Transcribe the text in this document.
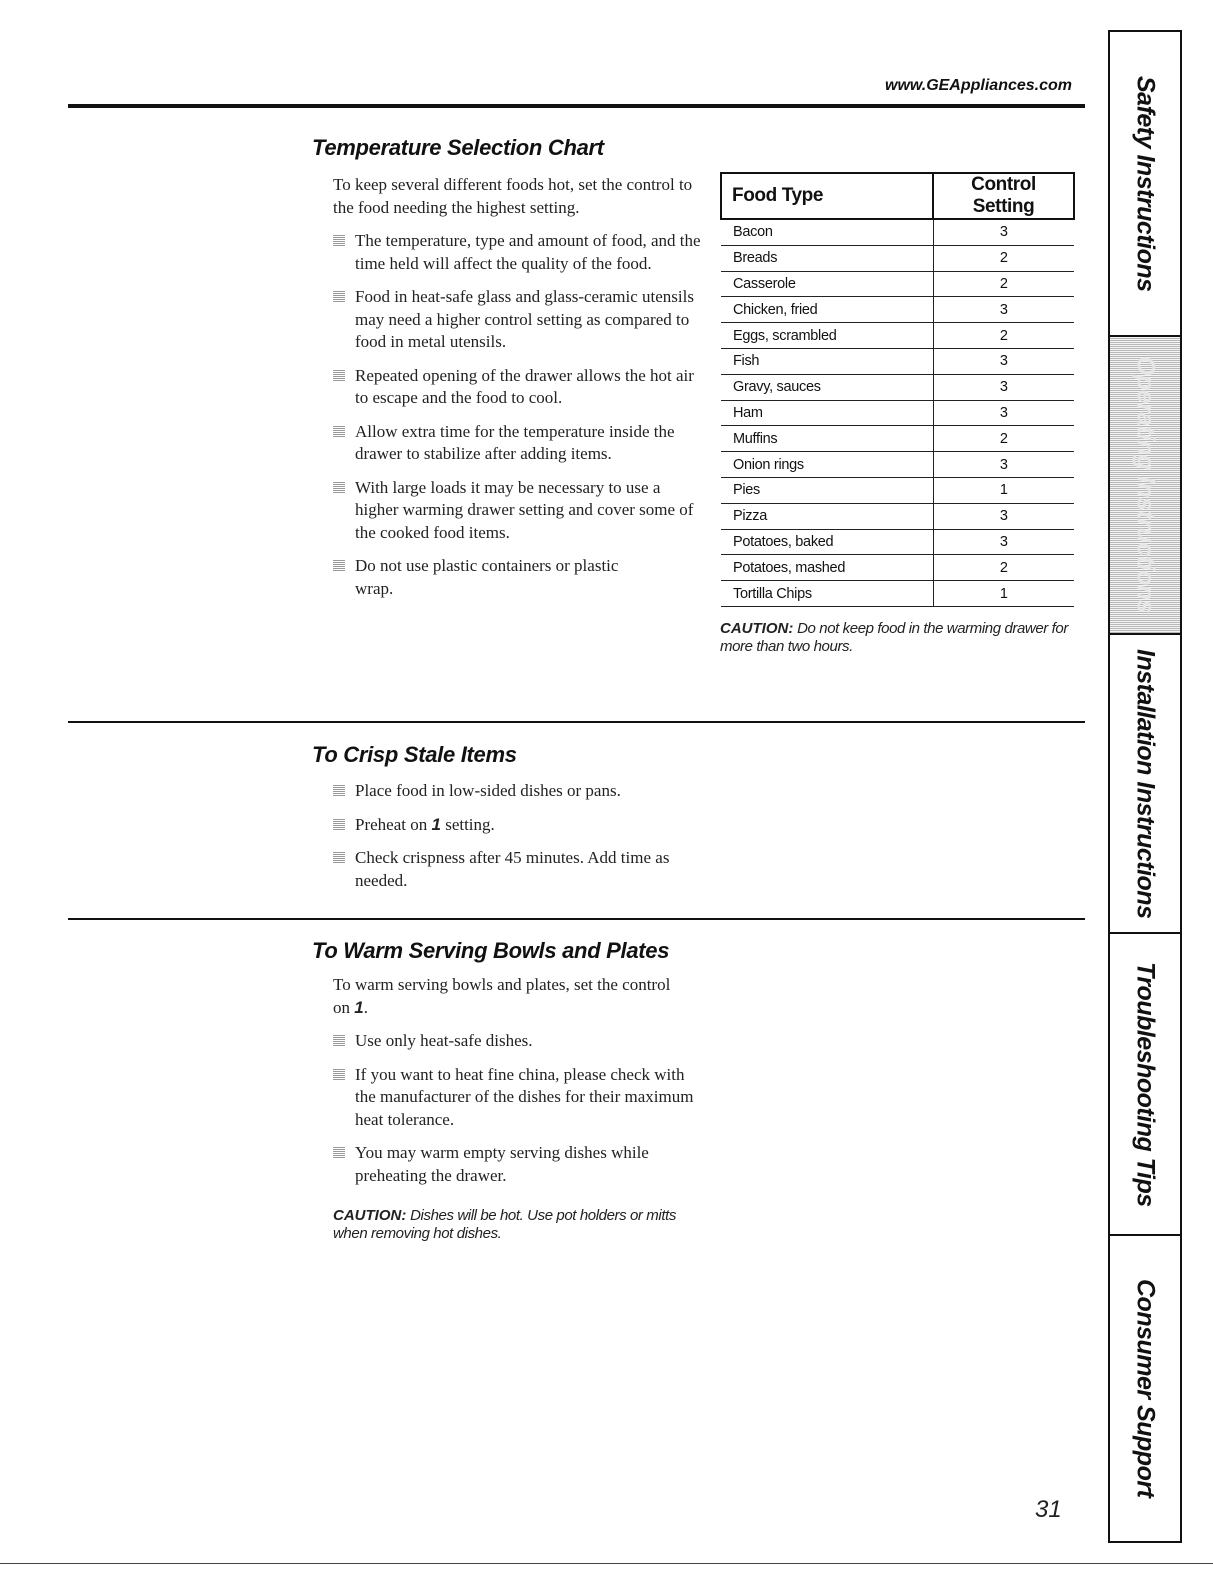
www.GEAppliances.com
Temperature Selection Chart

To keep several different foods hot, set the control to the food needing the highest setting.

The temperature, type and amount of food, and the time held will affect the quality of the food.
Food in heat-safe glass and glass-ceramic utensils may need a higher control setting as compared to food in metal utensils.
Repeated opening of the drawer allows the hot air to escape and the food to cool.
Allow extra time for the temperature inside the drawer to stabilize after adding items.
With large loads it may be necessary to use a higher warming drawer setting and cover some of the cooked food items.
Do not use plastic containers or plastic wrap.
Food Type	Control Setting
Bacon	3
Breads	2
Casserole	2
Chicken, fried	3
Eggs, scrambled	2
Fish	3
Gravy, sauces	3
Ham	3
Muffins	2
Onion rings	3
Pies	1
Pizza	3
Potatoes, baked	3
Potatoes, mashed	2
Tortilla Chips	1
CAUTION: Do not keep food in the warming drawer for more than two hours.
To Crisp Stale Items
Place food in low-sided dishes or pans.
Preheat on 1 setting.
Check crispness after 45 minutes. Add time as needed.
To Warm Serving Bowls and Plates

To warm serving bowls and plates, set the control on 1.

Use only heat-safe dishes.
If you want to heat fine china, please check with the manufacturer of the dishes for their maximum heat tolerance.
You may warm empty serving dishes while preheating the drawer.
CAUTION: Dishes will be hot. Use pot holders or mitts when removing hot dishes.
Safety Instructions
Operating Instructions
Installation Instructions
Troubleshooting Tips
Consumer Support
31
